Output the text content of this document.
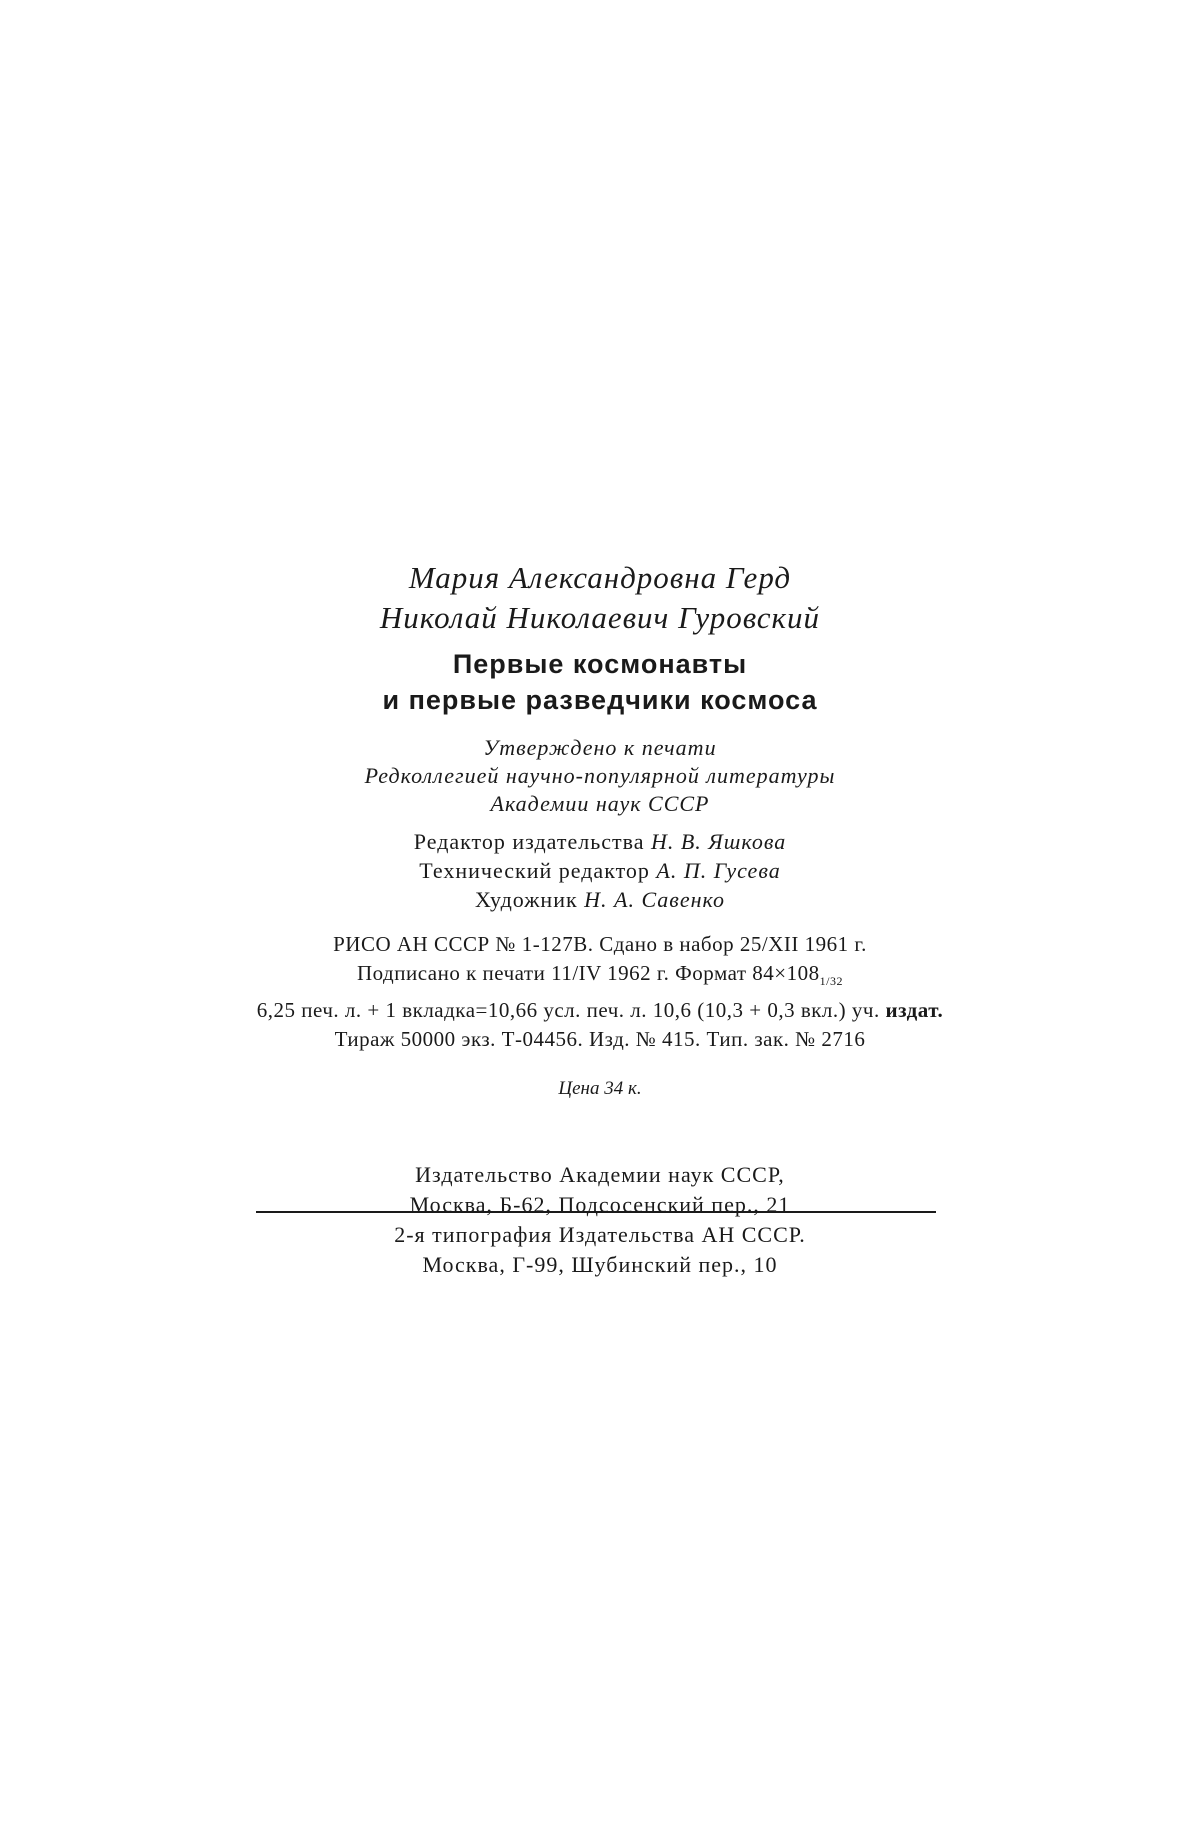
Мария Александровна Герд
Николай Николаевич Гуровский
Первые космонавты
и первые разведчики космоса
Утверждено к печати
Редколлегией научно-популярной литературы
Академии наук СССР
Редактор издательства Н. В. Яшкова
Технический редактор А. П. Гусева
Художник Н. А. Савенко
РИСО АН СССР № 1-127В. Сдано в набор 25/XII 1961 г.
Подписано к печати 11/IV 1962 г. Формат $84\times 108_{1/32}$
6,25 печ. л. + 1 вкладка=10,66 усл. печ. л. 10,6 (10,3 + 0,3 вкл.) уч. издат.
Тираж 50000 экз. Т-04456. Изд. № 415. Тип. зак. № 2716
Цена 34 к.
Издательство Академии наук СССР,
Москва, Б-62, Подсосенский пер., 21
2-я типография Издательства АН СССР.
Москва, Г-99, Шубинский пер., 10
